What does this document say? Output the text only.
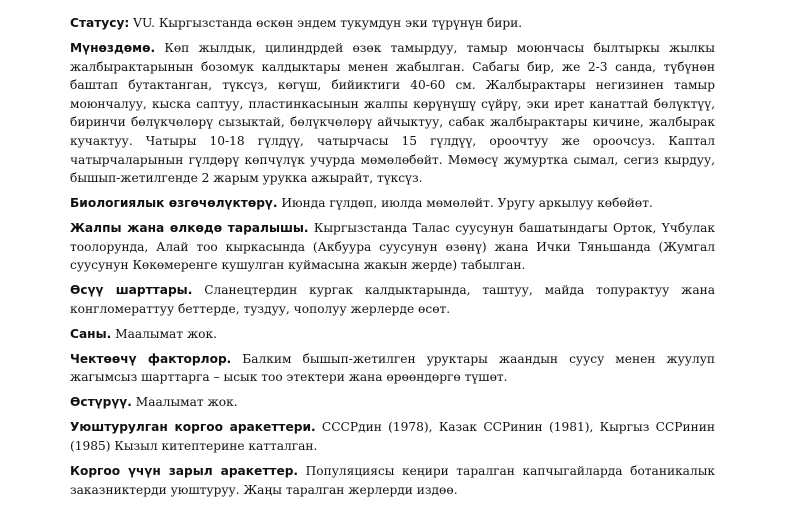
Статусу: VU. Кыргызстанда өскөн эндем тукумдун эки түрүнүн бири.

Мүнөздөмө. Көп жылдык, цилиндрдей өзөк тамырдуу, тамыр моюнчасы былтыркы жылкы жалбырактарынын бозомук калдыктары менен жабылган. Сабагы бир, же 2-3 санда, түбүнөн баштап бутактанган, түксүз, көгүш, бийиктиги 40-60 см. Жалбырактары негизинен тамыр моюнчалуу, кыска саптуу, пластинкасынын жалпы көрүнүшү сүйрү, эки ирет канаттай бөлүктүү, биринчи бөлүкчөлөрү сызыктай, бөлүкчөлөрү айчыктуу, сабак жалбырактары кичине, жалбырак кучактуу. Чатыры 10-18 гүлдүү, чатырчасы 15 гүлдүү, ороочтуу же ороочсуз. Каптал чатырчаларынын гүлдөрү көпчүлүк учурда мөмөлөбөйт. Мөмөсү жумуртка сымал, сегиз кырдуу, бышып-жетилгенде 2 жарым урукка ажырайт, түксүз.

Биологиялык өзгөчөлүктөрү. Июнда гүлдөп, июлда мөмөлөйт. Уругу аркылуу көбөйөт.

Жалпы жана өлкөдө таралышы. Кыргызстанда Талас суусунун башатындагы Орток, Үчбулак тоолорунда, Алай тоо кыркасында (Акбуура суусунун өзөнү) жана Ички Тяньшанда (Жумгал суусунун Көкөмеренге кушулган куймасына жакын жерде) табылган.

Өсүү шарттары. Сланецтердин кургак калдыктарында, таштуу, майда топурактуу жана конгломераттуу беттерде, туздуу, чополуу жерлерде өсөт.

Саны. Маалымат жок.

Чектөөчү факторлор. Балким бышып-жетилген уруктары жаандын суусу менен жуулуп жагымсыз шарттарга – ысык тоо этектери жана өрөөндөргө түшөт.

Өстүрүү. Маалымат жок.

Уюштурулган коргоо аракеттери. СССРдин (1978), Казак ССРинин (1981), Кыргыз ССРинин (1985) Кызыл китептерине катталган.

Коргоо үчүн зарыл аракеттер. Популяциясы кеңири таралган капчыгайларда ботаникалык заказниктерди уюштуруу. Жаңы таралган жерлерди издөө.
